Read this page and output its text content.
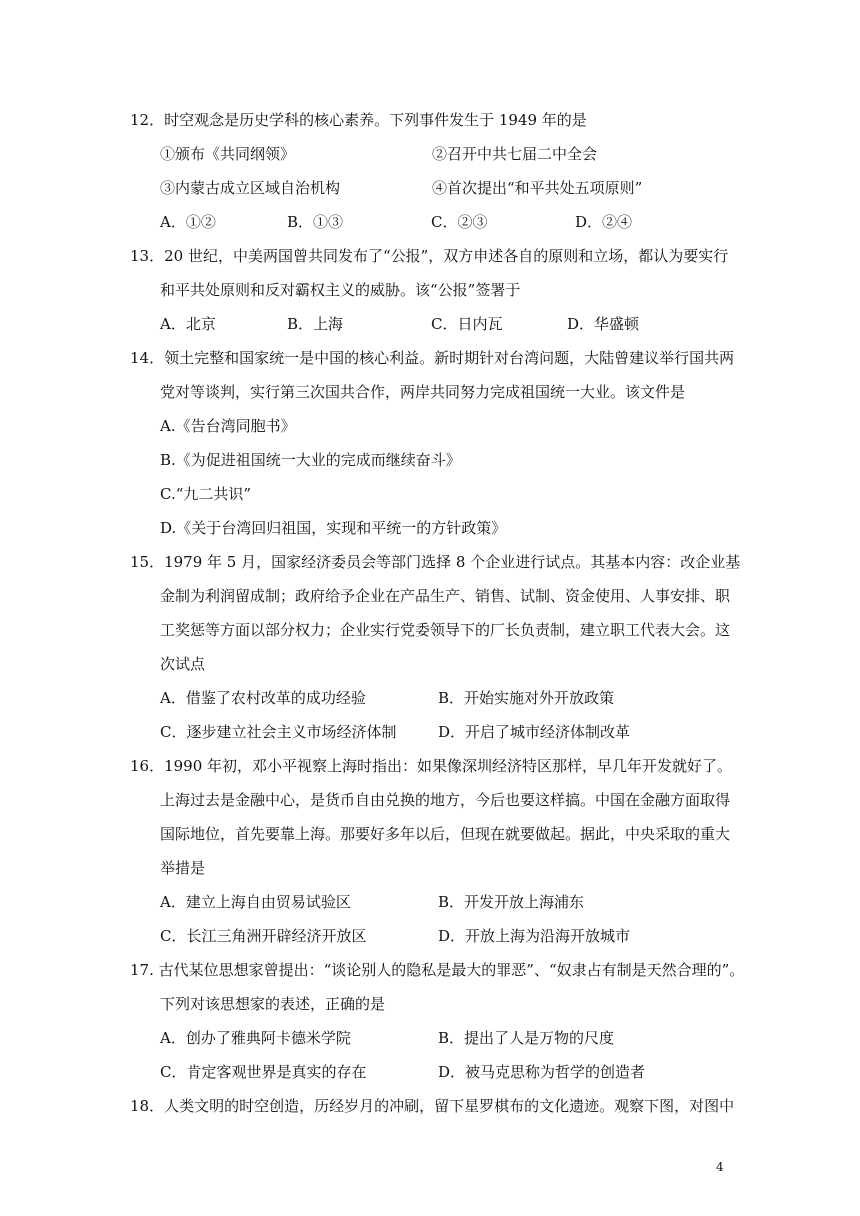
12．时空观念是历史学科的核心素养。下列事件发生于 1949 年的是
①颁布《共同纲领》	②召开中共七届二中全会
③内蒙古成立区域自治机构	④首次提出“和平共处五项原则”
A．①②	B．①③	C．②③	D．②④
13．20 世纪，中美两国曾共同发布了“公报”，双方申述各自的原则和立场，都认为要实行
和平共处原则和反对霸权主义的威胁。该“公报”签署于
A．北京	B．上海	C．日内瓦	D．华盛顿
14．领土完整和国家统一是中国的核心利益。新时期针对台湾问题，大陆曾建议举行国共两
党对等谈判，实行第三次国共合作，两岸共同努力完成祖国统一大业。该文件是
A.《告台湾同胞书》
B.《为促进祖国统一大业的完成而继续奋斗》
C.“九二共识”
D.《关于台湾回归祖国，实现和平统一的方针政策》
15．1979 年 5 月，国家经济委员会等部门选择 8 个企业进行试点。其基本内容：改企业基
金制为利润留成制；政府给予企业在产品生产、销售、试制、资金使用、人事安排、职
工奖惩等方面以部分权力；企业实行党委领导下的厂长负责制，建立职工代表大会。这
次试点
A．借鉴了农村改革的成功经验	B．开始实施对外开放政策
C．逐步建立社会主义市场经济体制	D．开启了城市经济体制改革
16．1990 年初，邓小平视察上海时指出：如果像深圳经济特区那样，早几年开发就好了。
上海过去是金融中心，是货币自由兑换的地方，今后也要这样搞。中国在金融方面取得
国际地位，首先要靠上海。那要好多年以后，但现在就要做起。据此，中央采取的重大
举措是
A．建立上海自由贸易试验区	B．开发开放上海浦东
C．长江三角洲开辟经济开放区	D．开放上海为沿海开放城市
17. 古代某位思想家曾提出：“谈论别人的隐私是最大的罪恶”、“奴隶占有制是天然合理的”。
下列对该思想家的表述，正确的是
A．创办了雅典阿卡德米学院	B．提出了人是万物的尺度
C．肯定客观世界是真实的存在	D．被马克思称为哲学的创造者
18．人类文明的时空创造，历经岁月的冲刷，留下星罗棋布的文化遗迹。观察下图，对图中
4
